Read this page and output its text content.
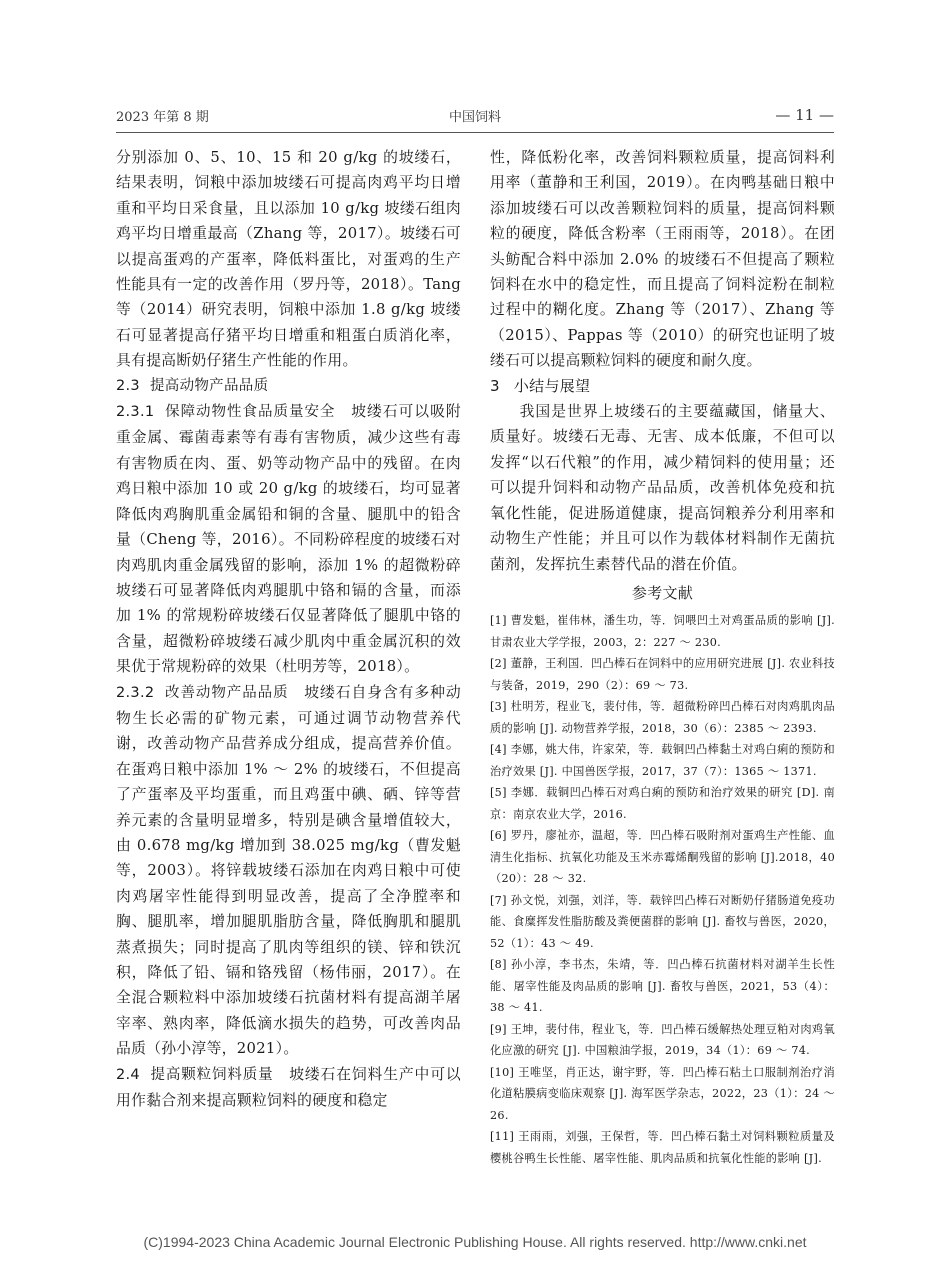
2023 年第 8 期	中国饲料	— 11 —

分别添加 0、5、10、15 和 20 g/kg 的坡缕石，结果表明，饲粮中添加坡缕石可提高肉鸡平均日增重和平均日采食量，且以添加 10 g/kg 坡缕石组肉鸡平均日增重最高（Zhang 等，2017）。坡缕石可以提高蛋鸡的产蛋率，降低料蛋比，对蛋鸡的生产性能具有一定的改善作用（罗丹等，2018）。Tang 等（2014）研究表明，饲粮中添加 1.8 g/kg 坡缕石可显著提高仔猪平均日增重和粗蛋白质消化率，具有提高断奶仔猪生产性能的作用。

2.3 提高动物产品品质

2.3.1 保障动物性食品质量安全　 坡缕石可以吸附重金属、霉菌毒素等有毒有害物质，减少这些有毒有害物质在肉、蛋、奶等动物产品中的残留。在肉鸡日粮中添加 10 或 20 g/kg 的坡缕石，均可显著降低肉鸡胸肌重金属铅和铜的含量、腿肌中的铅含量（Cheng 等，2016）。不同粉碎程度的坡缕石对肉鸡肌肉重金属残留的影响，添加 1% 的超微粉碎坡缕石可显著降低肉鸡腿肌中铬和镉的含量，而添加 1% 的常规粉碎坡缕石仅显著降低了腿肌中铬的含量，超微粉碎坡缕石减少肌肉中重金属沉积的效果优于常规粉碎的效果（杜明芳等，2018）。

2.3.2 改善动物产品品质　 坡缕石自身含有多种动物生长必需的矿物元素，可通过调节动物营养代谢，改善动物产品营养成分组成，提高营养价值。在蛋鸡日粮中添加 1% ～ 2% 的坡缕石，不但提高了产蛋率及平均蛋重，而且鸡蛋中碘、硒、锌等营养元素的含量明显增多，特别是碘含量增值较大，由 0.678 mg/kg 增加到 38.025 mg/kg（曹发魁等，2003）。将锌载坡缕石添加在肉鸡日粮中可使肉鸡屠宰性能得到明显改善，提高了全净膛率和胸、腿肌率，增加腿肌脂肪含量，降低胸肌和腿肌蒸煮损失；同时提高了肌肉等组织的镁、锌和铁沉积，降低了铅、镉和铬残留（杨伟丽，2017）。在全混合颗粒料中添加坡缕石抗菌材料有提高湖羊屠宰率、熟肉率，降低滴水损失的趋势，可改善肉品品质（孙小淳等，2021）。

2.4 提高颗粒饲料质量　 坡缕石在饲料生产中可以用作黏合剂来提高颗粒饲料的硬度和稳定

性，降低粉化率，改善饲料颗粒质量，提高饲料利用率（董静和王利国，2019）。在肉鸭基础日粮中添加坡缕石可以改善颗粒饲料的质量，提高饲料颗粒的硬度，降低含粉率（王雨雨等，2018）。在团头鲂配合料中添加 2.0% 的坡缕石不但提高了颗粒饲料在水中的稳定性，而且提高了饲料淀粉在制粒过程中的糊化度。Zhang 等（2017）、Zhang 等（2015）、Pappas 等（2010）的研究也证明了坡缕石可以提高颗粒饲料的硬度和耐久度。

3 小结与展望

我国是世界上坡缕石的主要蕴藏国，储量大、质量好。坡缕石无毒、无害、成本低廉，不但可以发挥“以石代粮”的作用，减少精饲料的使用量；还可以提升饲料和动物产品品质，改善机体免疫和抗氧化性能，促进肠道健康，提高饲粮养分利用率和动物生产性能；并且可以作为载体材料制作无菌抗菌剂，发挥抗生素替代品的潜在价值。

参考文献

[1] 曹发魁，崔伟林，潘生功，等．饲喂凹土对鸡蛋品质的影响 [J]. 甘肃农业大学学报，2003，2：227 ～ 230.

[2] 董静，王利国．凹凸棒石在饲料中的应用研究进展 [J]. 农业科技与装备，2019，290（2）：69 ～ 73.

[3] 杜明芳，程业飞，裴付伟，等．超微粉碎凹凸棒石对肉鸡肌肉品质的影响 [J]. 动物营养学报，2018，30（6）：2385 ～ 2393.

[4] 李娜，姚大伟，许家荣，等．载铜凹凸棒黏土对鸡白痢的预防和治疗效果 [J]. 中国兽医学报，2017，37（7）：1365 ～ 1371.

[5] 李娜．载铜凹凸棒石对鸡白痢的预防和治疗效果的研究 [D]. 南京：南京农业大学，2016.

[6] 罗丹，廖祉亦，温超，等．凹凸棒石吸附剂对蛋鸡生产性能、血清生化指标、抗氧化功能及玉米赤霉烯酮残留的影响 [J].2018，40（20）：28 ～ 32.

[7] 孙文悦，刘强，刘洋，等．载锌凹凸棒石对断奶仔猪肠道免疫功能、食糜挥发性脂肪酸及粪便菌群的影响 [J]. 畜牧与兽医，2020，52（1）：43 ～ 49.

[8] 孙小淳，李书杰，朱靖，等．凹凸棒石抗菌材料对湖羊生长性能、屠宰性能及肉品质的影响 [J]. 畜牧与兽医，2021，53（4）：38 ～ 41.

[9] 王坤，裴付伟，程业飞，等．凹凸棒石缓解热处理豆粕对肉鸡氧化应激的研究 [J]. 中国粮油学报，2019，34（1）：69 ～ 74.

[10] 王唯坚，肖正达，谢宇野，等．凹凸棒石粘土口服制剂治疗消化道粘膜病变临床观察 [J]. 海军医学杂志，2022，23（1）：24 ～ 26.

[11] 王雨雨，刘强，王保哲，等．凹凸棒石黏土对饲料颗粒质量及樱桃谷鸭生长性能、屠宰性能、肌肉品质和抗氧化性能的影响 [J].

(C)1994-2023 China Academic Journal Electronic Publishing House. All rights reserved. http://www.cnki.net
